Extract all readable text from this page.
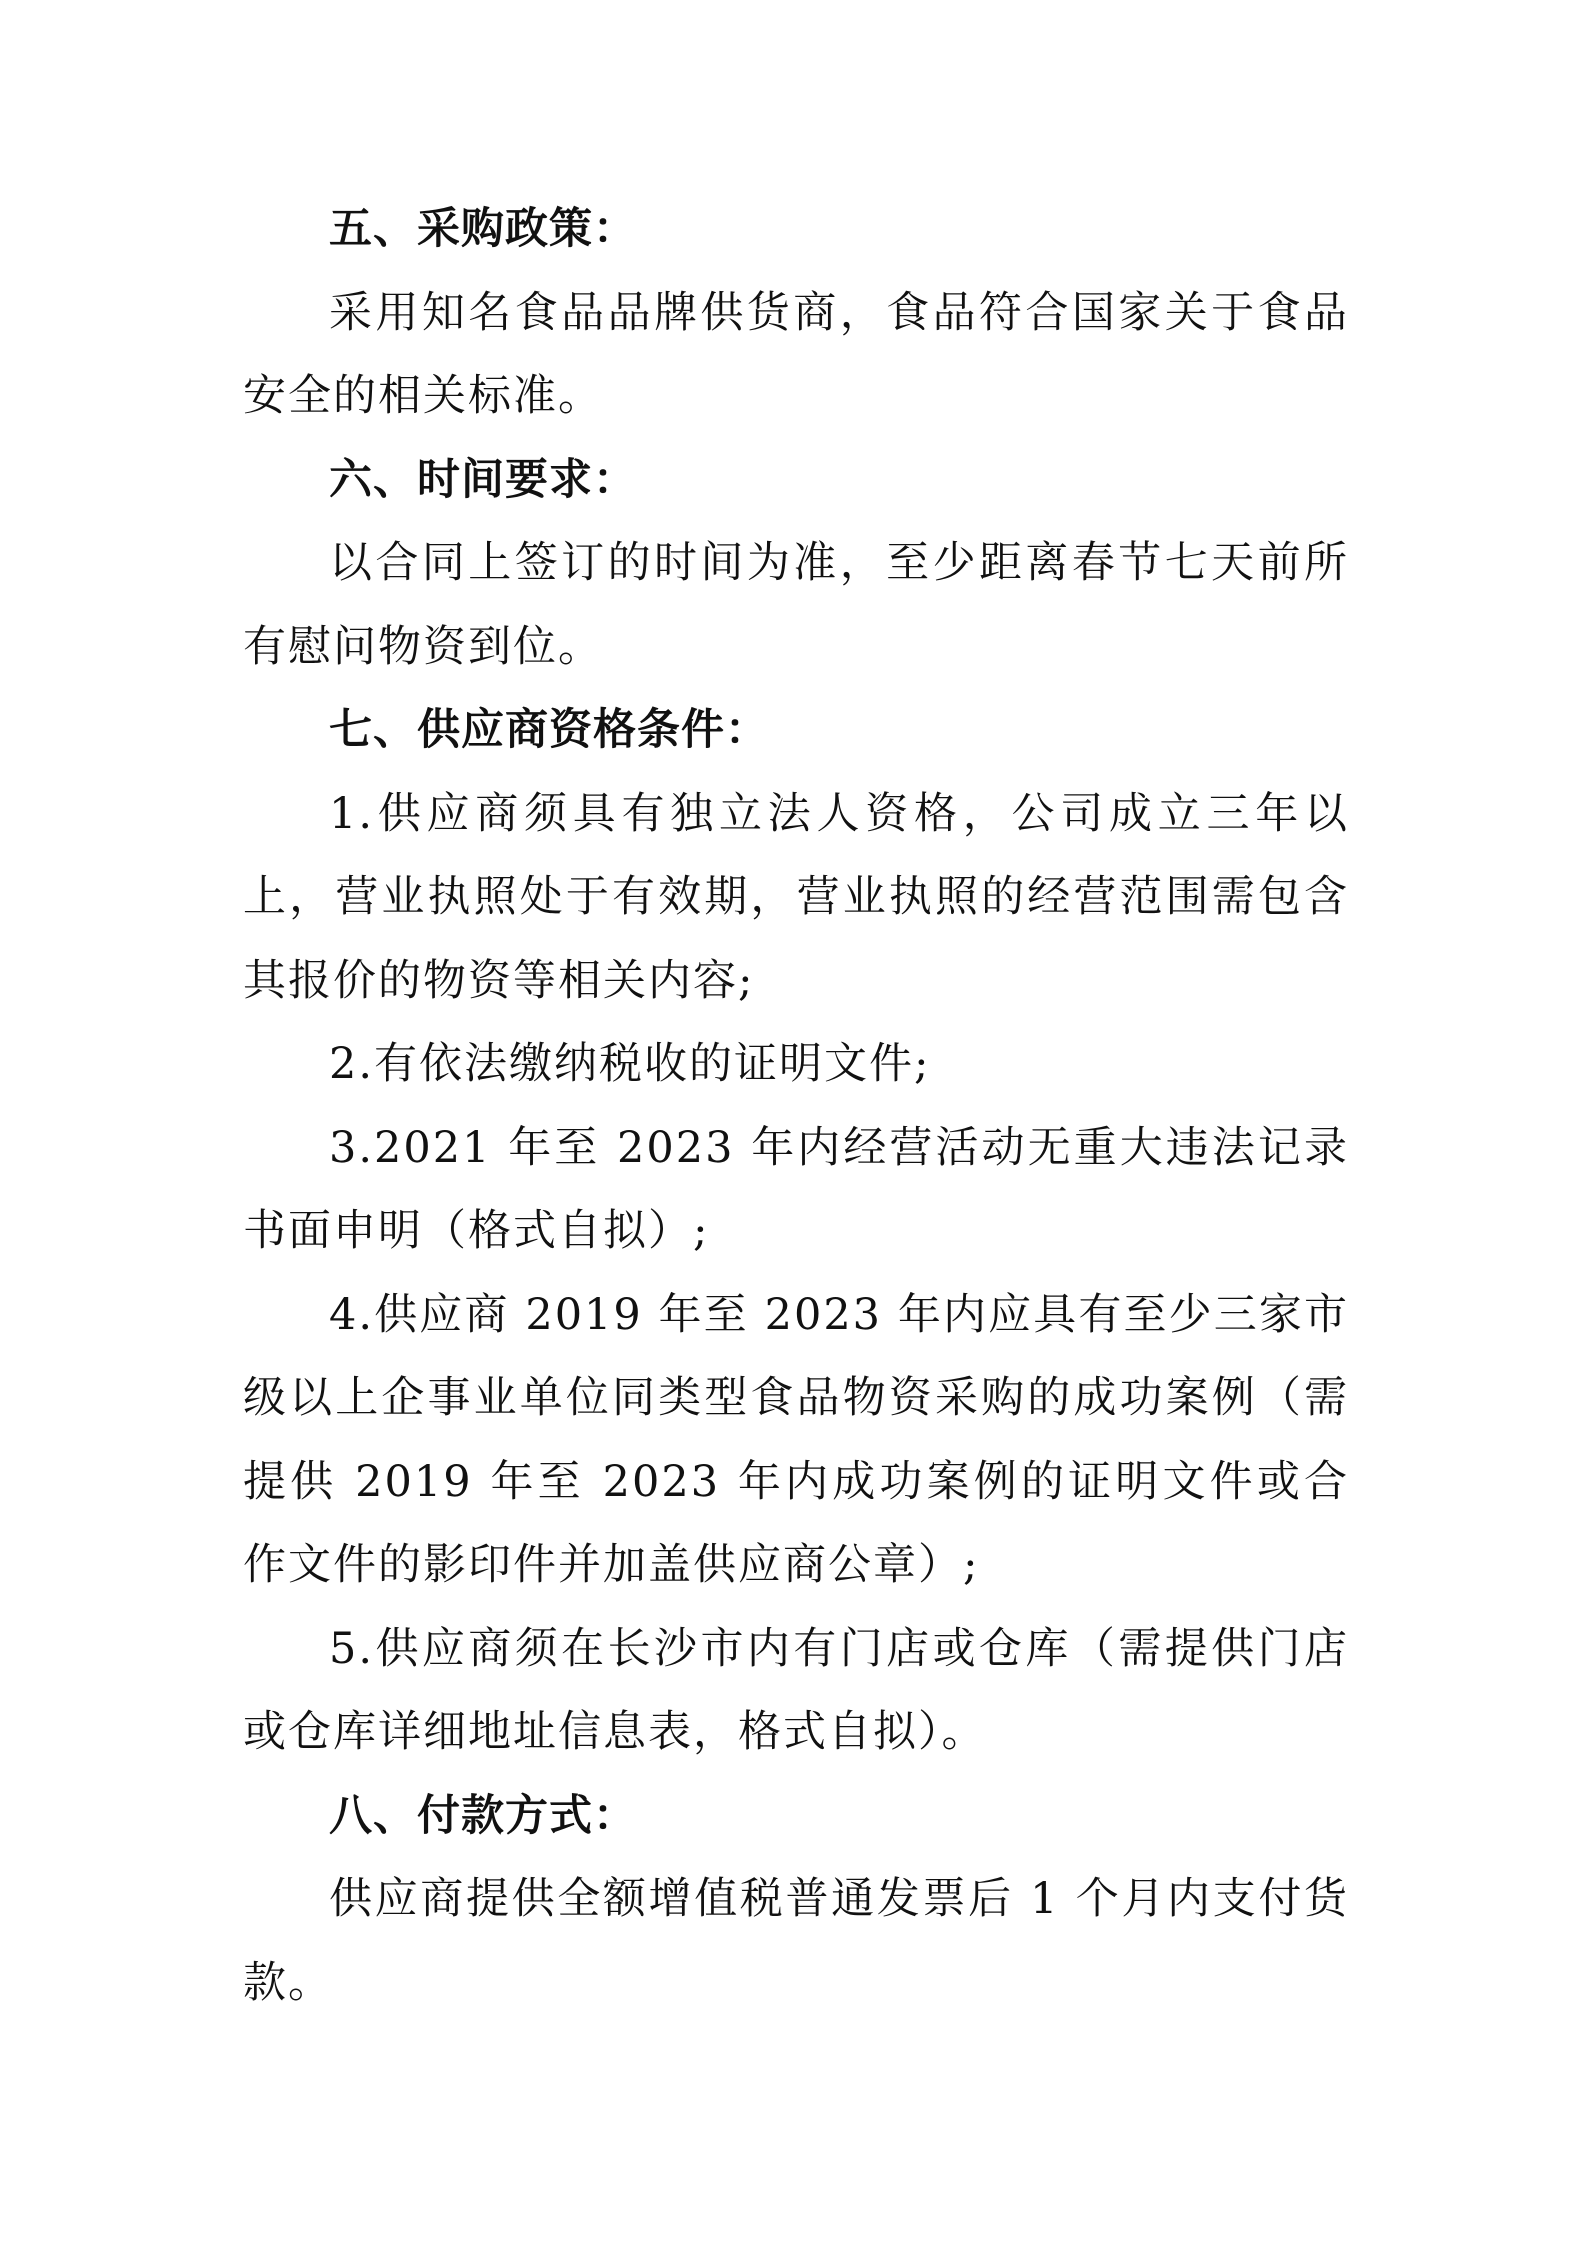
五、采购政策：

采用知名食品品牌供货商，食品符合国家关于食品安全的相关标准。

六、时间要求：

以合同上签订的时间为准，至少距离春节七天前所有慰问物资到位。

七、供应商资格条件：

1.供应商须具有独立法人资格，公司成立三年以上，营业执照处于有效期，营业执照的经营范围需包含其报价的物资等相关内容;

2.有依法缴纳税收的证明文件;

3.2021 年至 2023 年内经营活动无重大违法记录书面申明（格式自拟）;

4.供应商 2019 年至 2023 年内应具有至少三家市级以上企事业单位同类型食品物资采购的成功案例（需提供 2019 年至 2023 年内成功案例的证明文件或合作文件的影印件并加盖供应商公章）;

5.供应商须在长沙市内有门店或仓库（需提供门店或仓库详细地址信息表，格式自拟）。

八、付款方式：

供应商提供全额增值税普通发票后 1 个月内支付货款。
